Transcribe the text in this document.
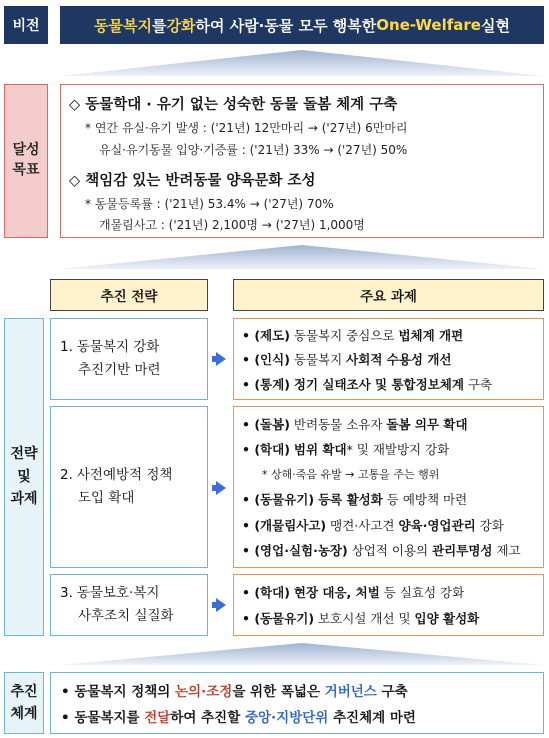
비전	동물복지 를 강화 하여 사람·동물 모두 행복한 One-Welfare 실현
달성
목표
◇ 동물학대 · 유기 없는 성숙한 동물 돌봄 체계 구축
* 연간 유실·유기 발생 : ('21년) 12만마리 → ('27년) 6만마리
유실·유기동물 입양·기증률 : ('21년) 33% → ('27년) 50%
◇ 책임감 있는 반려동물 양육문화 조성
* 동물등록률 : ('21년) 53.4% → ('27년) 70%
개물림사고 : ('21년) 2,100명 → ('27년) 1,000명
추진 전략	주요 과제
전략
및
과제
1. 동물복지 강화
추진기반 마련
• (제도) 동물복지 중심으로 법체계 개편
• (인식) 동물복지 사회적 수용성 개선
• (통계) 정기 실태조사 및 통합정보체계 구축
2. 사전예방적 정책
도입 확대
• (돌봄) 반려동물 소유자 돌봄 의무 확대
• (학대) 범위 확대* 및 재발방지 강화
* 상해·죽음 유발 → 고통을 주는 행위
• (동물유기) 등록 활성화 등 예방책 마련
• (개물림사고) 맹견·사고견 양육·영업관리 강화
• (영업·실험·농장) 상업적 이용의 관리투명성 제고
3. 동물보호·복지
사후조치 실질화
• (학대) 현장 대응, 처벌 등 실효성 강화
• (동물유기) 보호시설 개선 및 입양 활성화
추진
체계
• 동물복지 정책의 논의·조정을 위한 폭넓은 거버넌스 구축
• 동물복지를 전달하여 추진할 중앙·지방단위 추진체계 마련
